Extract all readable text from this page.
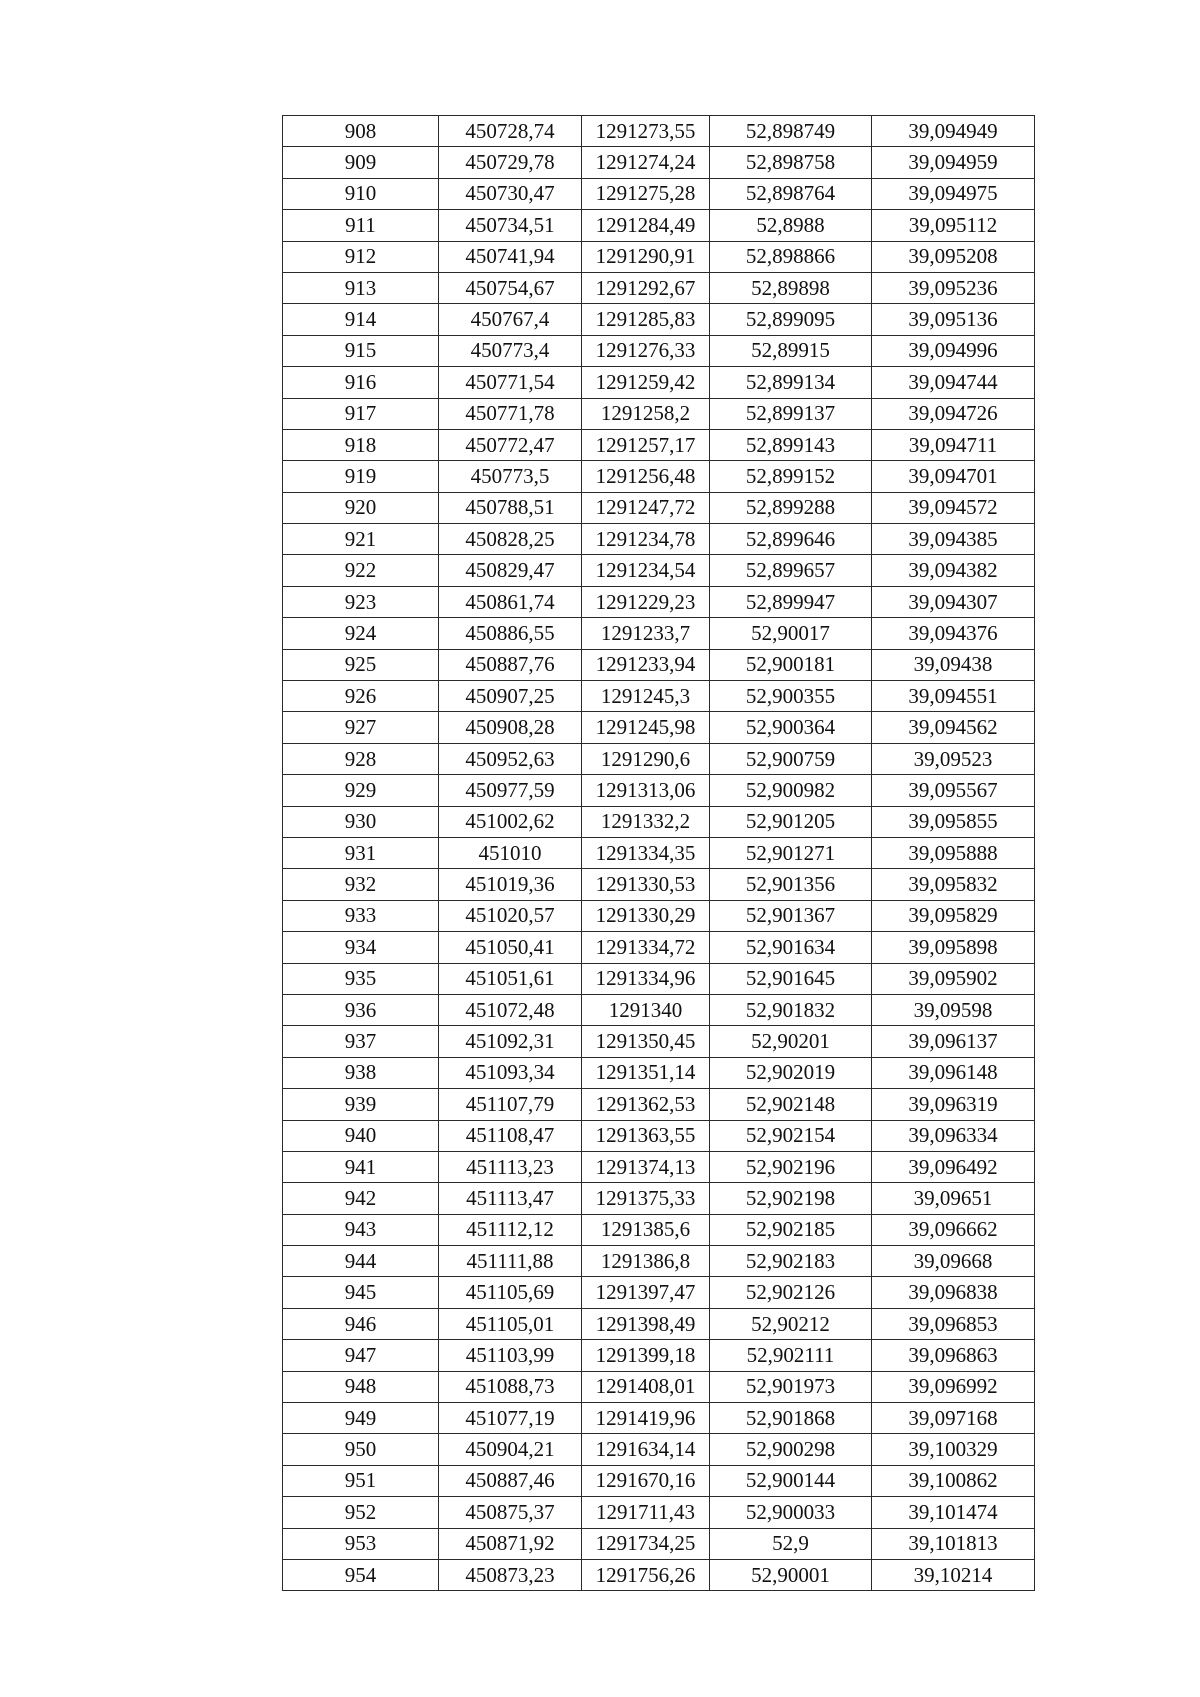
908	450728,74	1291273,55	52,898749	39,094949
909	450729,78	1291274,24	52,898758	39,094959
910	450730,47	1291275,28	52,898764	39,094975
911	450734,51	1291284,49	52,8988	39,095112
912	450741,94	1291290,91	52,898866	39,095208
913	450754,67	1291292,67	52,89898	39,095236
914	450767,4	1291285,83	52,899095	39,095136
915	450773,4	1291276,33	52,89915	39,094996
916	450771,54	1291259,42	52,899134	39,094744
917	450771,78	1291258,2	52,899137	39,094726
918	450772,47	1291257,17	52,899143	39,094711
919	450773,5	1291256,48	52,899152	39,094701
920	450788,51	1291247,72	52,899288	39,094572
921	450828,25	1291234,78	52,899646	39,094385
922	450829,47	1291234,54	52,899657	39,094382
923	450861,74	1291229,23	52,899947	39,094307
924	450886,55	1291233,7	52,90017	39,094376
925	450887,76	1291233,94	52,900181	39,09438
926	450907,25	1291245,3	52,900355	39,094551
927	450908,28	1291245,98	52,900364	39,094562
928	450952,63	1291290,6	52,900759	39,09523
929	450977,59	1291313,06	52,900982	39,095567
930	451002,62	1291332,2	52,901205	39,095855
931	451010	1291334,35	52,901271	39,095888
932	451019,36	1291330,53	52,901356	39,095832
933	451020,57	1291330,29	52,901367	39,095829
934	451050,41	1291334,72	52,901634	39,095898
935	451051,61	1291334,96	52,901645	39,095902
936	451072,48	1291340	52,901832	39,09598
937	451092,31	1291350,45	52,90201	39,096137
938	451093,34	1291351,14	52,902019	39,096148
939	451107,79	1291362,53	52,902148	39,096319
940	451108,47	1291363,55	52,902154	39,096334
941	451113,23	1291374,13	52,902196	39,096492
942	451113,47	1291375,33	52,902198	39,09651
943	451112,12	1291385,6	52,902185	39,096662
944	451111,88	1291386,8	52,902183	39,09668
945	451105,69	1291397,47	52,902126	39,096838
946	451105,01	1291398,49	52,90212	39,096853
947	451103,99	1291399,18	52,902111	39,096863
948	451088,73	1291408,01	52,901973	39,096992
949	451077,19	1291419,96	52,901868	39,097168
950	450904,21	1291634,14	52,900298	39,100329
951	450887,46	1291670,16	52,900144	39,100862
952	450875,37	1291711,43	52,900033	39,101474
953	450871,92	1291734,25	52,9	39,101813
954	450873,23	1291756,26	52,90001	39,10214
